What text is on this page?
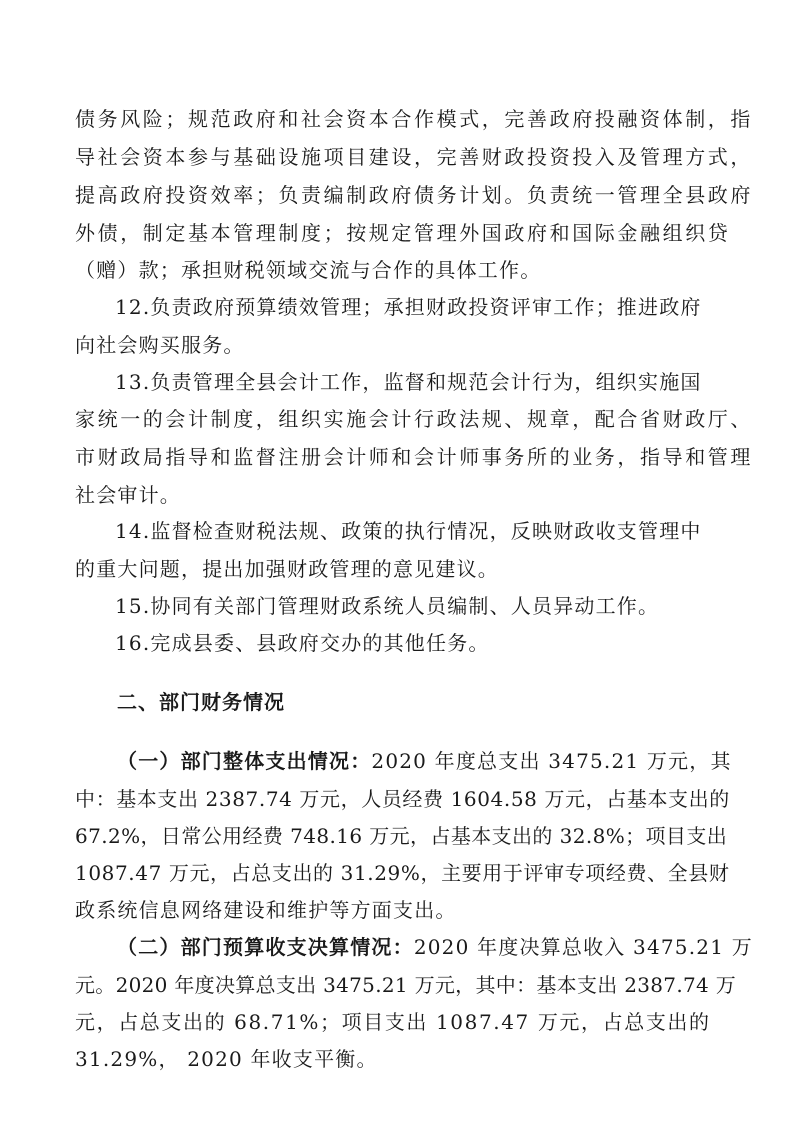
债务风险；规范政府和社会资本合作模式，完善政府投融资体制，指
导社会资本参与基础设施项目建设，完善财政投资投入及管理方式，
提高政府投资效率；负责编制政府债务计划。负责统一管理全县政府
外债，制定基本管理制度；按规定管理外国政府和国际金融组织贷
（赠）款；承担财税领域交流与合作的具体工作。
12.负责政府预算绩效管理；承担财政投资评审工作；推进政府
向社会购买服务。
13.负责管理全县会计工作，监督和规范会计行为，组织实施国
家统一的会计制度，组织实施会计行政法规、规章，配合省财政厅、
市财政局指导和监督注册会计师和会计师事务所的业务，指导和管理
社会审计。
14.监督检查财税法规、政策的执行情况，反映财政收支管理中
的重大问题，提出加强财政管理的意见建议。
15.协同有关部门管理财政系统人员编制、人员异动工作。
16.完成县委、县政府交办的其他任务。
二、部门财务情况
（一）部门整体支出情况：2020 年度总支出 3475.21 万元，其
中：基本支出 2387.74 万元，人员经费 1604.58 万元，占基本支出的
67.2%，日常公用经费 748.16 万元，占基本支出的 32.8%；项目支出
1087.47 万元，占总支出的 31.29%，主要用于评审专项经费、全县财
政系统信息网络建设和维护等方面支出。
（二）部门预算收支决算情况：2020 年度决算总收入 3475.21 万
元。2020 年度决算总支出 3475.21 万元，其中：基本支出 2387.74 万
元，占总支出的 68.71%；项目支出 1087.47 万元，占总支出的
31.29%， 2020 年收支平衡。
